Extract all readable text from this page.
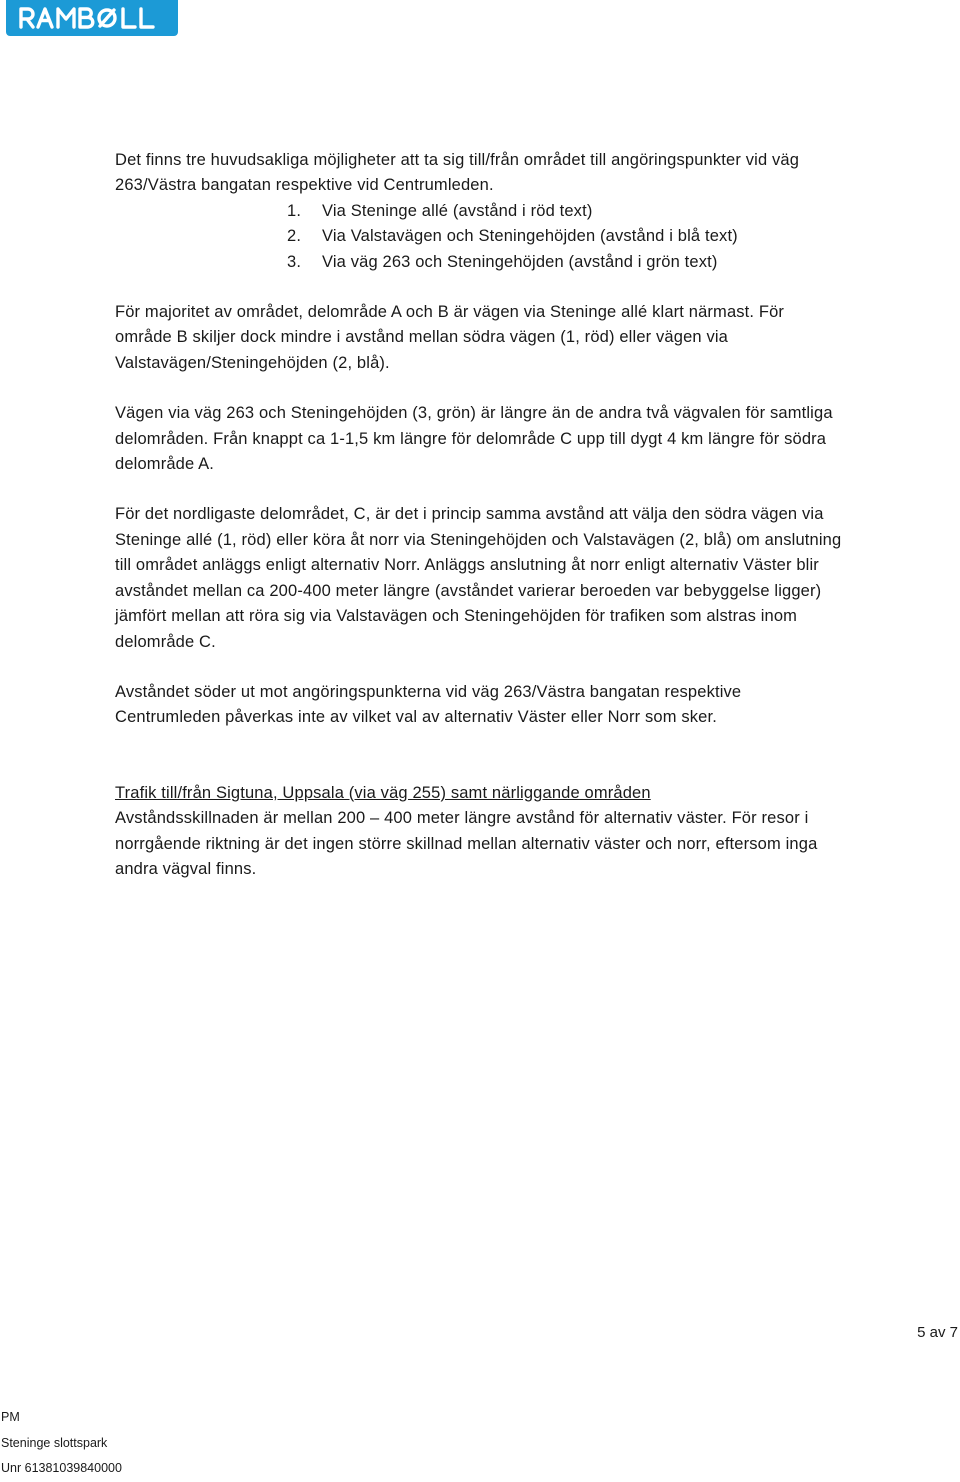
Det finns tre huvudsakliga möjligheter att ta sig till/från området till angöringspunkter vid väg 263/Västra bangatan respektive vid Centrumleden.

1.	Via Steninge allé (avstånd i röd text)
2.	Via Valstavägen och Steningehöjden (avstånd i blå text)
3.	Via väg 263 och Steningehöjden (avstånd i grön text)

För majoritet av området, delområde A och B är vägen via Steninge allé klart närmast. För område B skiljer dock mindre i avstånd mellan södra vägen (1, röd) eller vägen via Valstavägen/Steningehöjden (2, blå).

Vägen via väg 263 och Steningehöjden (3, grön) är längre än de andra två vägvalen för samtliga delområden. Från knappt ca 1-1,5 km längre för delområde C upp till dygt 4 km längre för södra delområde A.

För det nordligaste delområdet, C, är det i princip samma avstånd att välja den södra vägen via Steninge allé (1, röd) eller köra åt norr via Steningehöjden och Valstavägen (2, blå) om anslutning till området anläggs enligt alternativ Norr. Anläggs anslutning åt norr enligt alternativ Väster blir avståndet mellan ca 200-400 meter längre (avståndet varierar beroeden var bebyggelse ligger) jämfört mellan att röra sig via Valstavägen och Steningehöjden för trafiken som alstras inom delområde C.

Avståndet söder ut mot angöringspunkterna vid väg 263/Västra bangatan respektive Centrumleden påverkas inte av vilket val av alternativ Väster eller Norr som sker.

Trafik till/från Sigtuna, Uppsala (via väg 255) samt närliggande områden

Avståndsskillnaden är mellan 200 – 400 meter längre avstånd för alternativ väster. För resor i norrgående riktning är det ingen större skillnad mellan alternativ väster och norr, eftersom inga andra vägval finns.

5 av 7
PM
Steninge slottspark
Unr 61381039840000
